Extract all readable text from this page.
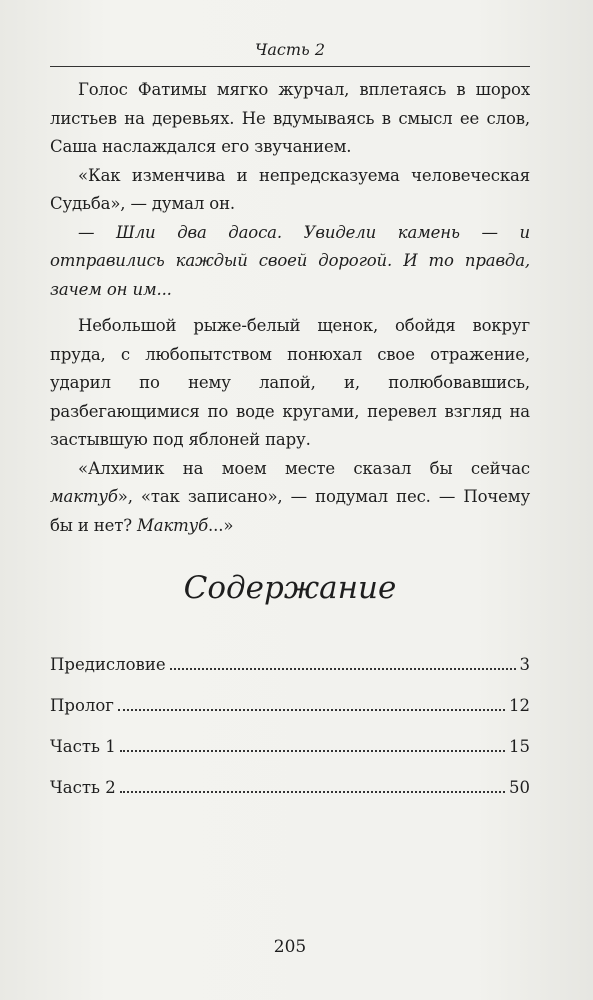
Часть 2

Голос Фатимы мягко журчал, вплетаясь в шорох листьев на деревьях. Не вдумываясь в смысл ее слов, Саша наслаждался его звучанием.

«Как изменчива и непредсказуема человеческая Судьба», — думал он.

— Шли два даоса. Увидели камень — и отправились каждый своей дорогой. И то правда, зачем он им...

Небольшой рыже-белый щенок, обойдя вокруг пруда, с любопытством понюхал свое отражение, ударил по нему лапой, и, полюбовавшись, разбегающимися по воде кругами, перевел взгляд на застывшую под яблоней пару.

«Алхимик на моем месте сказал бы сейчас мактуб», «так записано», — подумал пес. — Почему бы и нет? Мактуб...»

Содержание
Предисловие	3
Пролог	12
Часть 1	15
Часть 2	50
205
